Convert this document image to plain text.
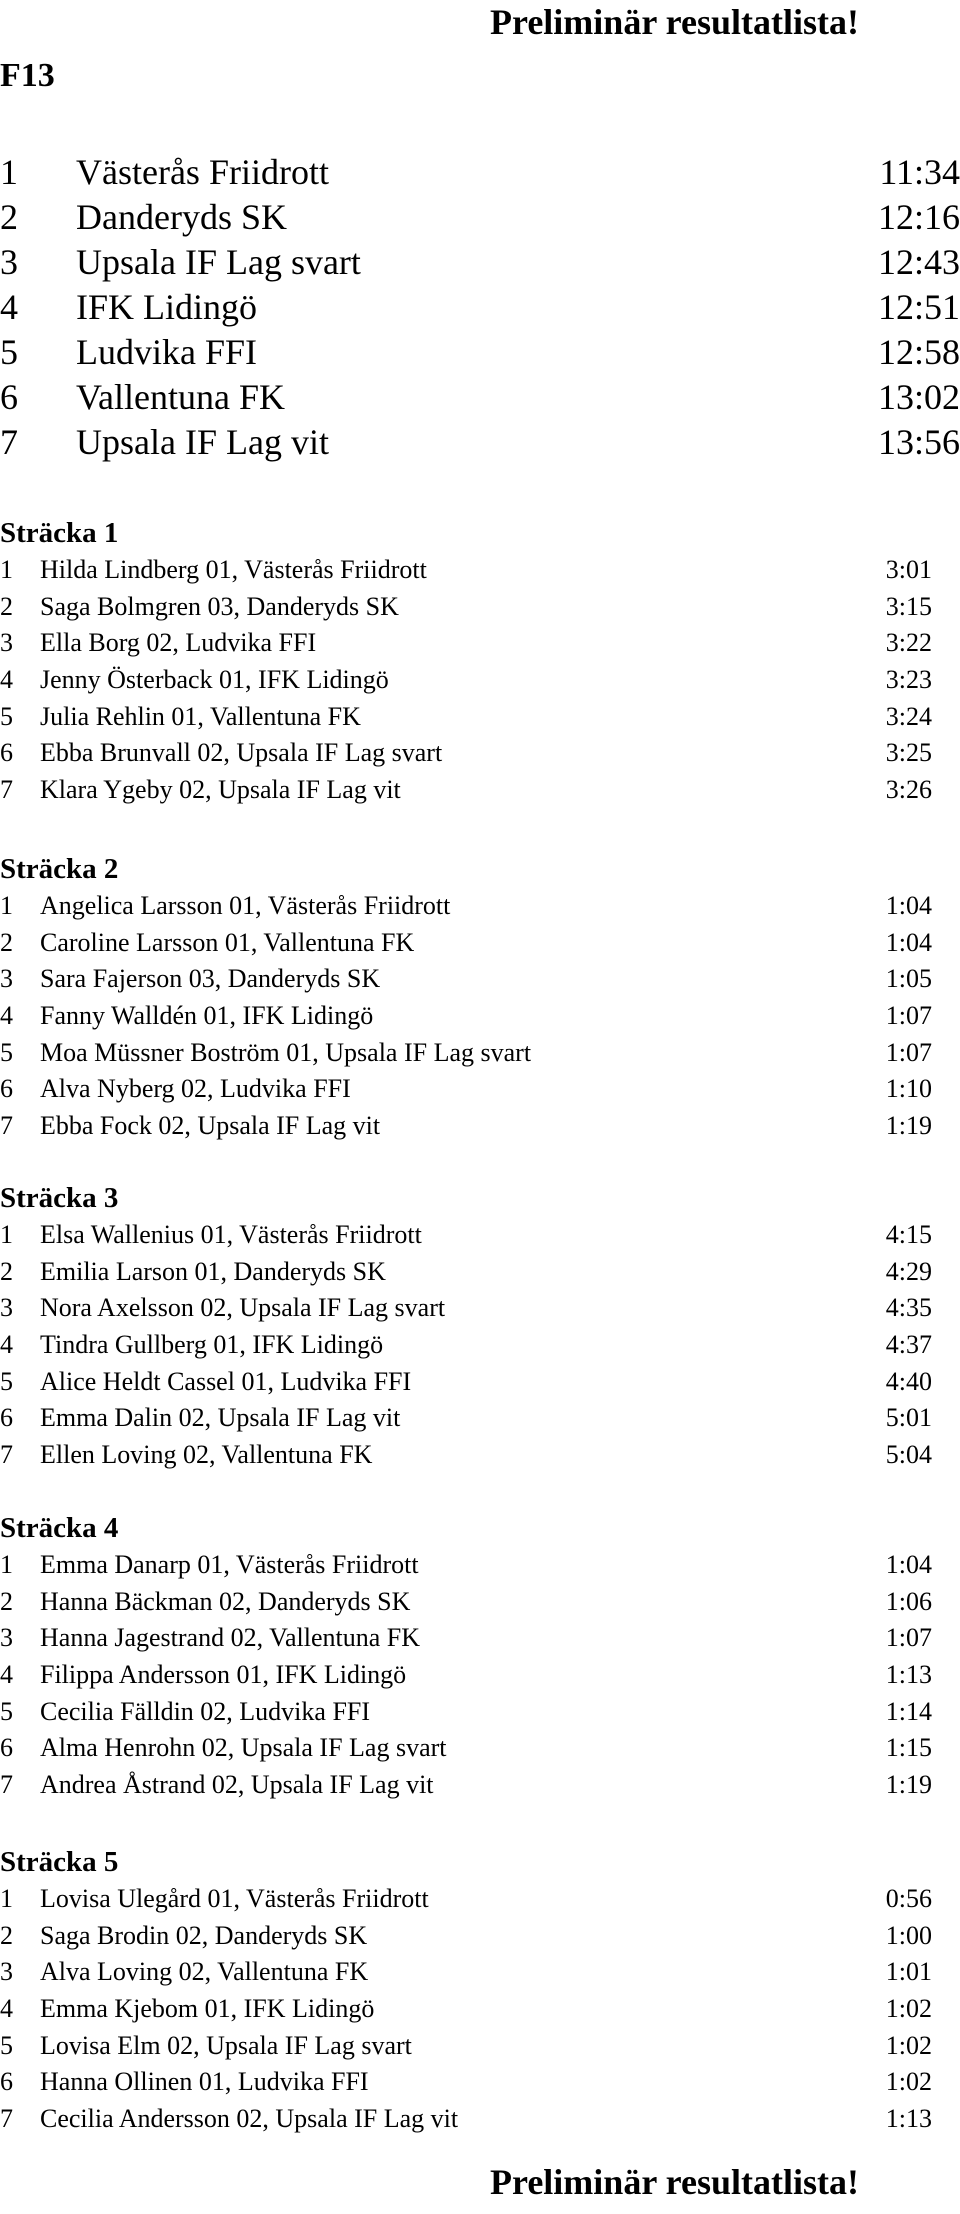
Preliminär resultatlista!
F13
1 Västerås Friidrott	11:34
2 Danderyds SK	12:16
3 Upsala IF Lag svart	12:43
4 IFK Lidingö	12:51
5 Ludvika FFI	12:58
6 Vallentuna FK	13:02
7 Upsala IF Lag vit	13:56
Sträcka 1
1 Hilda Lindberg 01, Västerås Friidrott	3:01
2 Saga Bolmgren 03, Danderyds SK	3:15
3 Ella Borg 02, Ludvika FFI	3:22
4 Jenny Österback 01, IFK Lidingö	3:23
5 Julia Rehlin 01, Vallentuna FK	3:24
6 Ebba Brunvall 02, Upsala IF Lag svart	3:25
7 Klara Ygeby 02, Upsala IF Lag vit	3:26
Sträcka 2
1 Angelica Larsson 01, Västerås Friidrott	1:04
2 Caroline Larsson 01, Vallentuna FK	1:04
3 Sara Fajerson 03, Danderyds SK	1:05
4 Fanny Walldén 01, IFK Lidingö	1:07
5 Moa Müssner Boström 01, Upsala IF Lag svart	1:07
6 Alva Nyberg 02, Ludvika FFI	1:10
7 Ebba Fock 02, Upsala IF Lag vit	1:19
Sträcka 3
1 Elsa Wallenius 01, Västerås Friidrott	4:15
2 Emilia Larson 01, Danderyds SK	4:29
3 Nora Axelsson 02, Upsala IF Lag svart	4:35
4 Tindra Gullberg 01, IFK Lidingö	4:37
5 Alice Heldt Cassel 01, Ludvika FFI	4:40
6 Emma Dalin 02, Upsala IF Lag vit	5:01
7 Ellen Loving 02, Vallentuna FK	5:04
Sträcka 4
1 Emma Danarp 01, Västerås Friidrott	1:04
2 Hanna Bäckman 02, Danderyds SK	1:06
3 Hanna Jagestrand 02, Vallentuna FK	1:07
4 Filippa Andersson 01, IFK Lidingö	1:13
5 Cecilia Fälldin 02, Ludvika FFI	1:14
6 Alma Henrohn 02, Upsala IF Lag svart	1:15
7 Andrea Åstrand 02, Upsala IF Lag vit	1:19
Sträcka 5
1 Lovisa Ulegård 01, Västerås Friidrott	0:56
2 Saga Brodin 02, Danderyds SK	1:00
3 Alva Loving 02, Vallentuna FK	1:01
4 Emma Kjebom 01, IFK Lidingö	1:02
5 Lovisa Elm 02, Upsala IF Lag svart	1:02
6 Hanna Ollinen 01, Ludvika FFI	1:02
7 Cecilia Andersson 02, Upsala IF Lag vit	1:13
Preliminär resultatlista!
